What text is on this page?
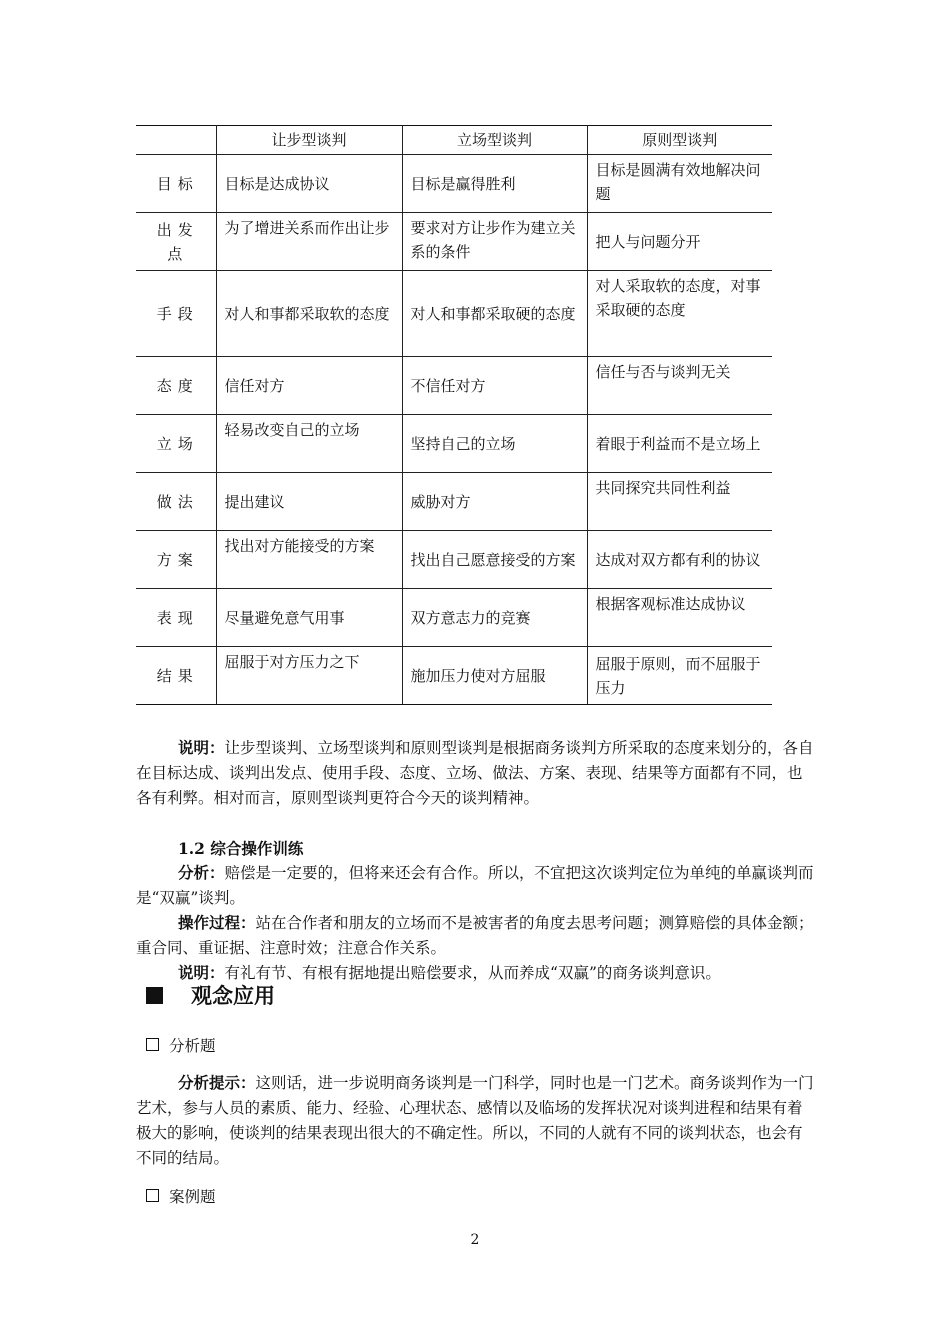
	让步型谈判	立场型谈判	原则型谈判
目标	目标是达成协议	目标是赢得胜利	目标是圆满有效地解决问题
出发点	为了增进关系而作出让步	要求对方让步作为建立关系的条件	把人与问题分开
手段	对人和事都采取软的态度	对人和事都采取硬的态度	对人采取软的态度，对事采取硬的态度
态度	信任对方	不信任对方	信任与否与谈判无关
立场	轻易改变自己的立场	坚持自己的立场	着眼于利益而不是立场上
做法	提出建议	威胁对方	共同探究共同性利益
方案	找出对方能接受的方案	找出自己愿意接受的方案	达成对双方都有利的协议
表现	尽量避免意气用事	双方意志力的竞赛	根据客观标准达成协议
结果	屈服于对方压力之下	施加压力使对方屈服	屈服于原则，而不屈服于压力
说明：让步型谈判、立场型谈判和原则型谈判是根据商务谈判方所采取的态度来划分的，各自在目标达成、谈判出发点、使用手段、态度、立场、做法、方案、表现、结果等方面都有不同，也各有利弊。相对而言，原则型谈判更符合今天的谈判精神。
1.2 综合操作训练
分析：赔偿是一定要的，但将来还会有合作。所以，不宜把这次谈判定位为单纯的单赢谈判而是“双赢”谈判。
操作过程：站在合作者和朋友的立场而不是被害者的角度去思考问题；测算赔偿的具体金额；重合同、重证据、注意时效；注意合作关系。
说明：有礼有节、有根有据地提出赔偿要求，从而养成“双赢”的商务谈判意识。
观念应用
分析题
分析提示：这则话，进一步说明商务谈判是一门科学，同时也是一门艺术。商务谈判作为一门艺术，参与人员的素质、能力、经验、心理状态、感情以及临场的发挥状况对谈判进程和结果有着极大的影响，使谈判的结果表现出很大的不确定性。所以，不同的人就有不同的谈判状态，也会有不同的结局。
案例题
2
